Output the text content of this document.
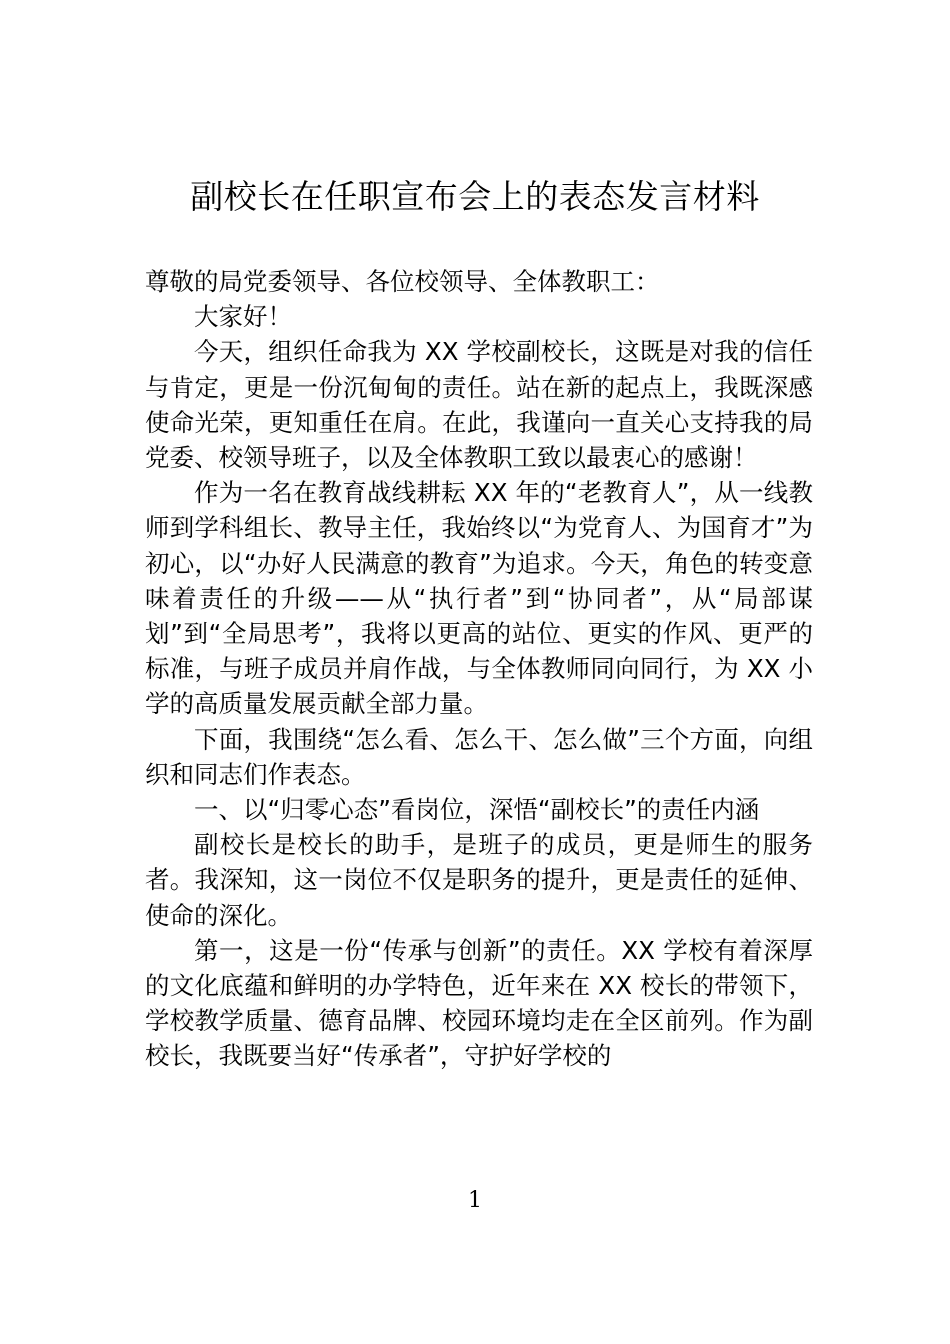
副校长在任职宣布会上的表态发言材料

尊敬的局党委领导、各位校领导、全体教职工：

大家好！

今天，组织任命我为 XX 学校副校长，这既是对我的信任与肯定，更是一份沉甸甸的责任。站在新的起点上，我既深感使命光荣，更知重任在肩。在此，我谨向一直关心支持我的局党委、校领导班子，以及全体教职工致以最衷心的感谢！

作为一名在教育战线耕耘 XX 年的“老教育人”，从一线教师到学科组长、教导主任，我始终以“为党育人、为国育才”为初心，以“办好人民满意的教育”为追求。今天，角色的转变意味着责任的升级——从“执行者”到“协同者”，从“局部谋划”到“全局思考”，我将以更高的站位、更实的作风、更严的标准，与班子成员并肩作战，与全体教师同向同行，为 XX 小学的高质量发展贡献全部力量。

下面，我围绕“怎么看、怎么干、怎么做”三个方面，向组织和同志们作表态。

一、以“归零心态”看岗位，深悟“副校长”的责任内涵

副校长是校长的助手，是班子的成员，更是师生的服务者。我深知，这一岗位不仅是职务的提升，更是责任的延伸、使命的深化。

第一，这是一份“传承与创新”的责任。XX 学校有着深厚的文化底蕴和鲜明的办学特色，近年来在 XX 校长的带领下，学校教学质量、德育品牌、校园环境均走在全区前列。作为副校长，我既要当好“传承者”，守护好学校的

1
